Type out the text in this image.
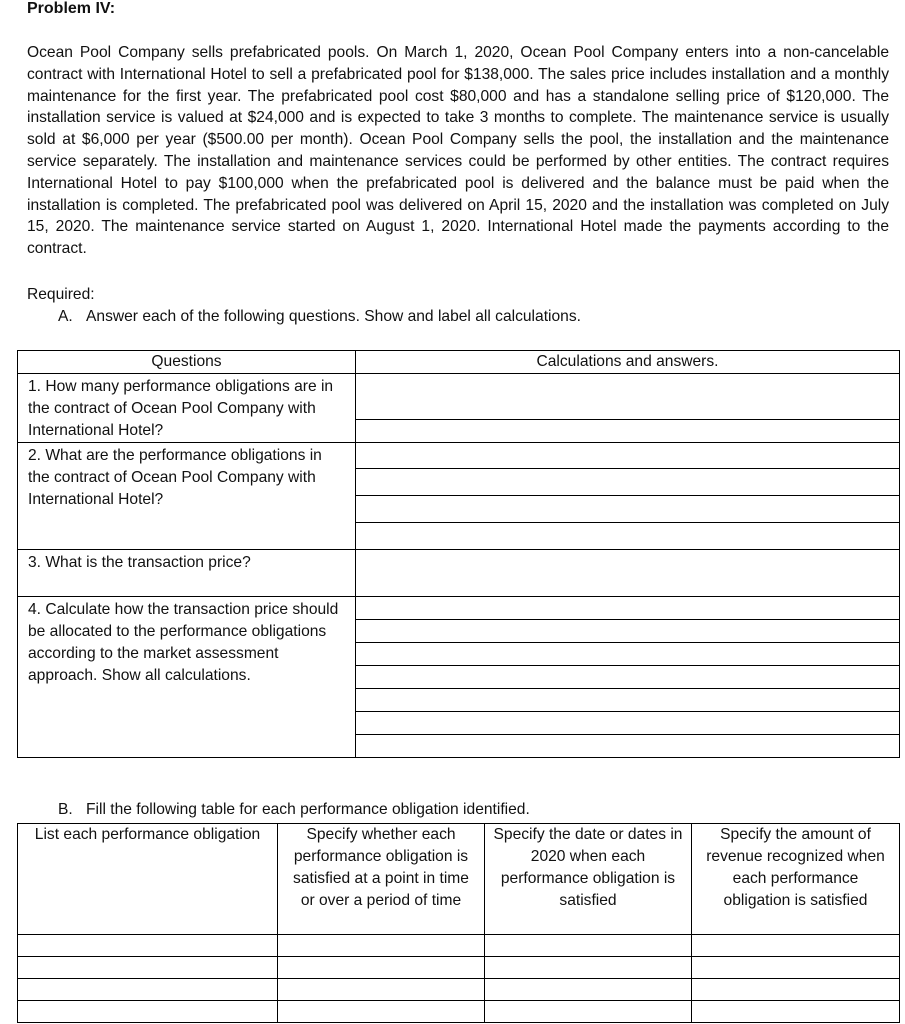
Problem IV:

Ocean Pool Company sells prefabricated pools. On March 1, 2020, Ocean Pool Company enters into a non-cancelable contract with International Hotel to sell a prefabricated pool for $138,000. The sales price includes installation and a monthly maintenance for the first year. The prefabricated pool cost $80,000 and has a standalone selling price of $120,000. The installation service is valued at $24,000 and is expected to take 3 months to complete. The maintenance service is usually sold at $6,000 per year ($500.00 per month). Ocean Pool Company sells the pool, the installation and the maintenance service separately. The installation and maintenance services could be performed by other entities. The contract requires International Hotel to pay $100,000 when the prefabricated pool is delivered and the balance must be paid when the installation is completed. The prefabricated pool was delivered on April 15, 2020 and the installation was completed on July 15, 2020. The maintenance service started on August 1, 2020. International Hotel made the payments according to the contract.

Required:
A. Answer each of the following questions. Show and label all calculations.
Questions	Calculations and answers.
1. How many performance obligations are in the contract of Ocean Pool Company with International Hotel?	

2. What are the performance obligations in the contract of Ocean Pool Company with International Hotel?	

3. What is the transaction price?	
4. Calculate how the transaction price should be allocated to the performance obligations according to the market assessment approach. Show all calculations.	

B. Fill the following table for each performance obligation identified.
List each performance obligation	Specify whether each performance obligation is satisfied at a point in time or over a period of time	Specify the date or dates in 2020 when each performance obligation is satisfied	Specify the amount of revenue recognized when each performance obligation is satisfied
